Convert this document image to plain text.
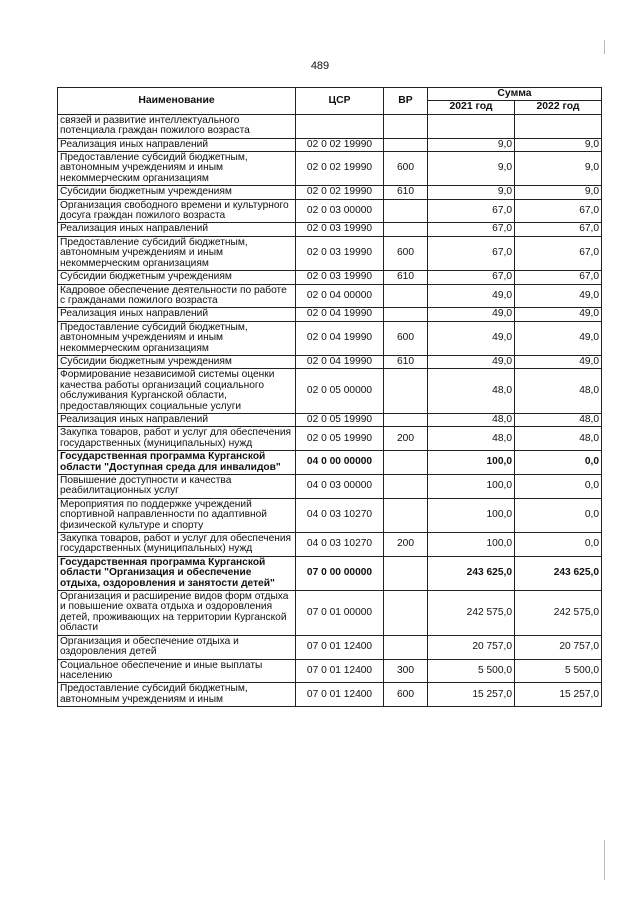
489
Наименование	ЦСР	ВР	Сумма	
			2021 год	2022 год
связей и развитие интеллектуального потенциала граждан пожилого возраста				
Реализация иных направлений	02 0 02 19990		9,0	9,0
Предоставление субсидий бюджетным, автономным учреждениям и иным некоммерческим организациям	02 0 02 19990	600	9,0	9,0
Субсидии бюджетным учреждениям	02 0 02 19990	610	9,0	9,0
Организация свободного времени и культурного досуга граждан пожилого возраста	02 0 03 00000		67,0	67,0
Реализация иных направлений	02 0 03 19990		67,0	67,0
Предоставление субсидий бюджетным, автономным учреждениям и иным некоммерческим организациям	02 0 03 19990	600	67,0	67,0
Субсидии бюджетным учреждениям	02 0 03 19990	610	67,0	67,0
Кадровое обеспечение деятельности по работе с гражданами пожилого возраста	02 0 04 00000		49,0	49,0
Реализация иных направлений	02 0 04 19990		49,0	49,0
Предоставление субсидий бюджетным, автономным учреждениям и иным некоммерческим организациям	02 0 04 19990	600	49,0	49,0
Субсидии бюджетным учреждениям	02 0 04 19990	610	49,0	49,0
Формирование независимой системы оценки качества работы организаций социального обслуживания Курганской области, предоставляющих социальные услуги	02 0 05 00000		48,0	48,0
Реализация иных направлений	02 0 05 19990		48,0	48,0
Закупка товаров, работ и услуг для обеспечения государственных (муниципальных) нужд	02 0 05 19990	200	48,0	48,0
Государственная программа Курганской области "Доступная среда для инвалидов"	04 0 00 00000		100,0	0,0
Повышение доступности и качества реабилитационных услуг	04 0 03 00000		100,0	0,0
Мероприятия по поддержке учреждений спортивной направленности по адаптивной физической культуре и спорту	04 0 03 10270		100,0	0,0
Закупка товаров, работ и услуг для обеспечения государственных (муниципальных) нужд	04 0 03 10270	200	100,0	0,0
Государственная программа Курганской области "Организация и обеспечение отдыха, оздоровления и занятости детей"	07 0 00 00000		243 625,0	243 625,0
Организация и расширение видов форм отдыха и повышение охвата отдыха и оздоровления детей, проживающих на территории Курганской области	07 0 01 00000		242 575,0	242 575,0
Организация и обеспечение отдыха и оздоровления детей	07 0 01 12400		20 757,0	20 757,0
Социальное обеспечение и иные выплаты населению	07 0 01 12400	300	5 500,0	5 500,0
Предоставление субсидий бюджетным, автономным учреждениям и иным	07 0 01 12400	600	15 257,0	15 257,0
